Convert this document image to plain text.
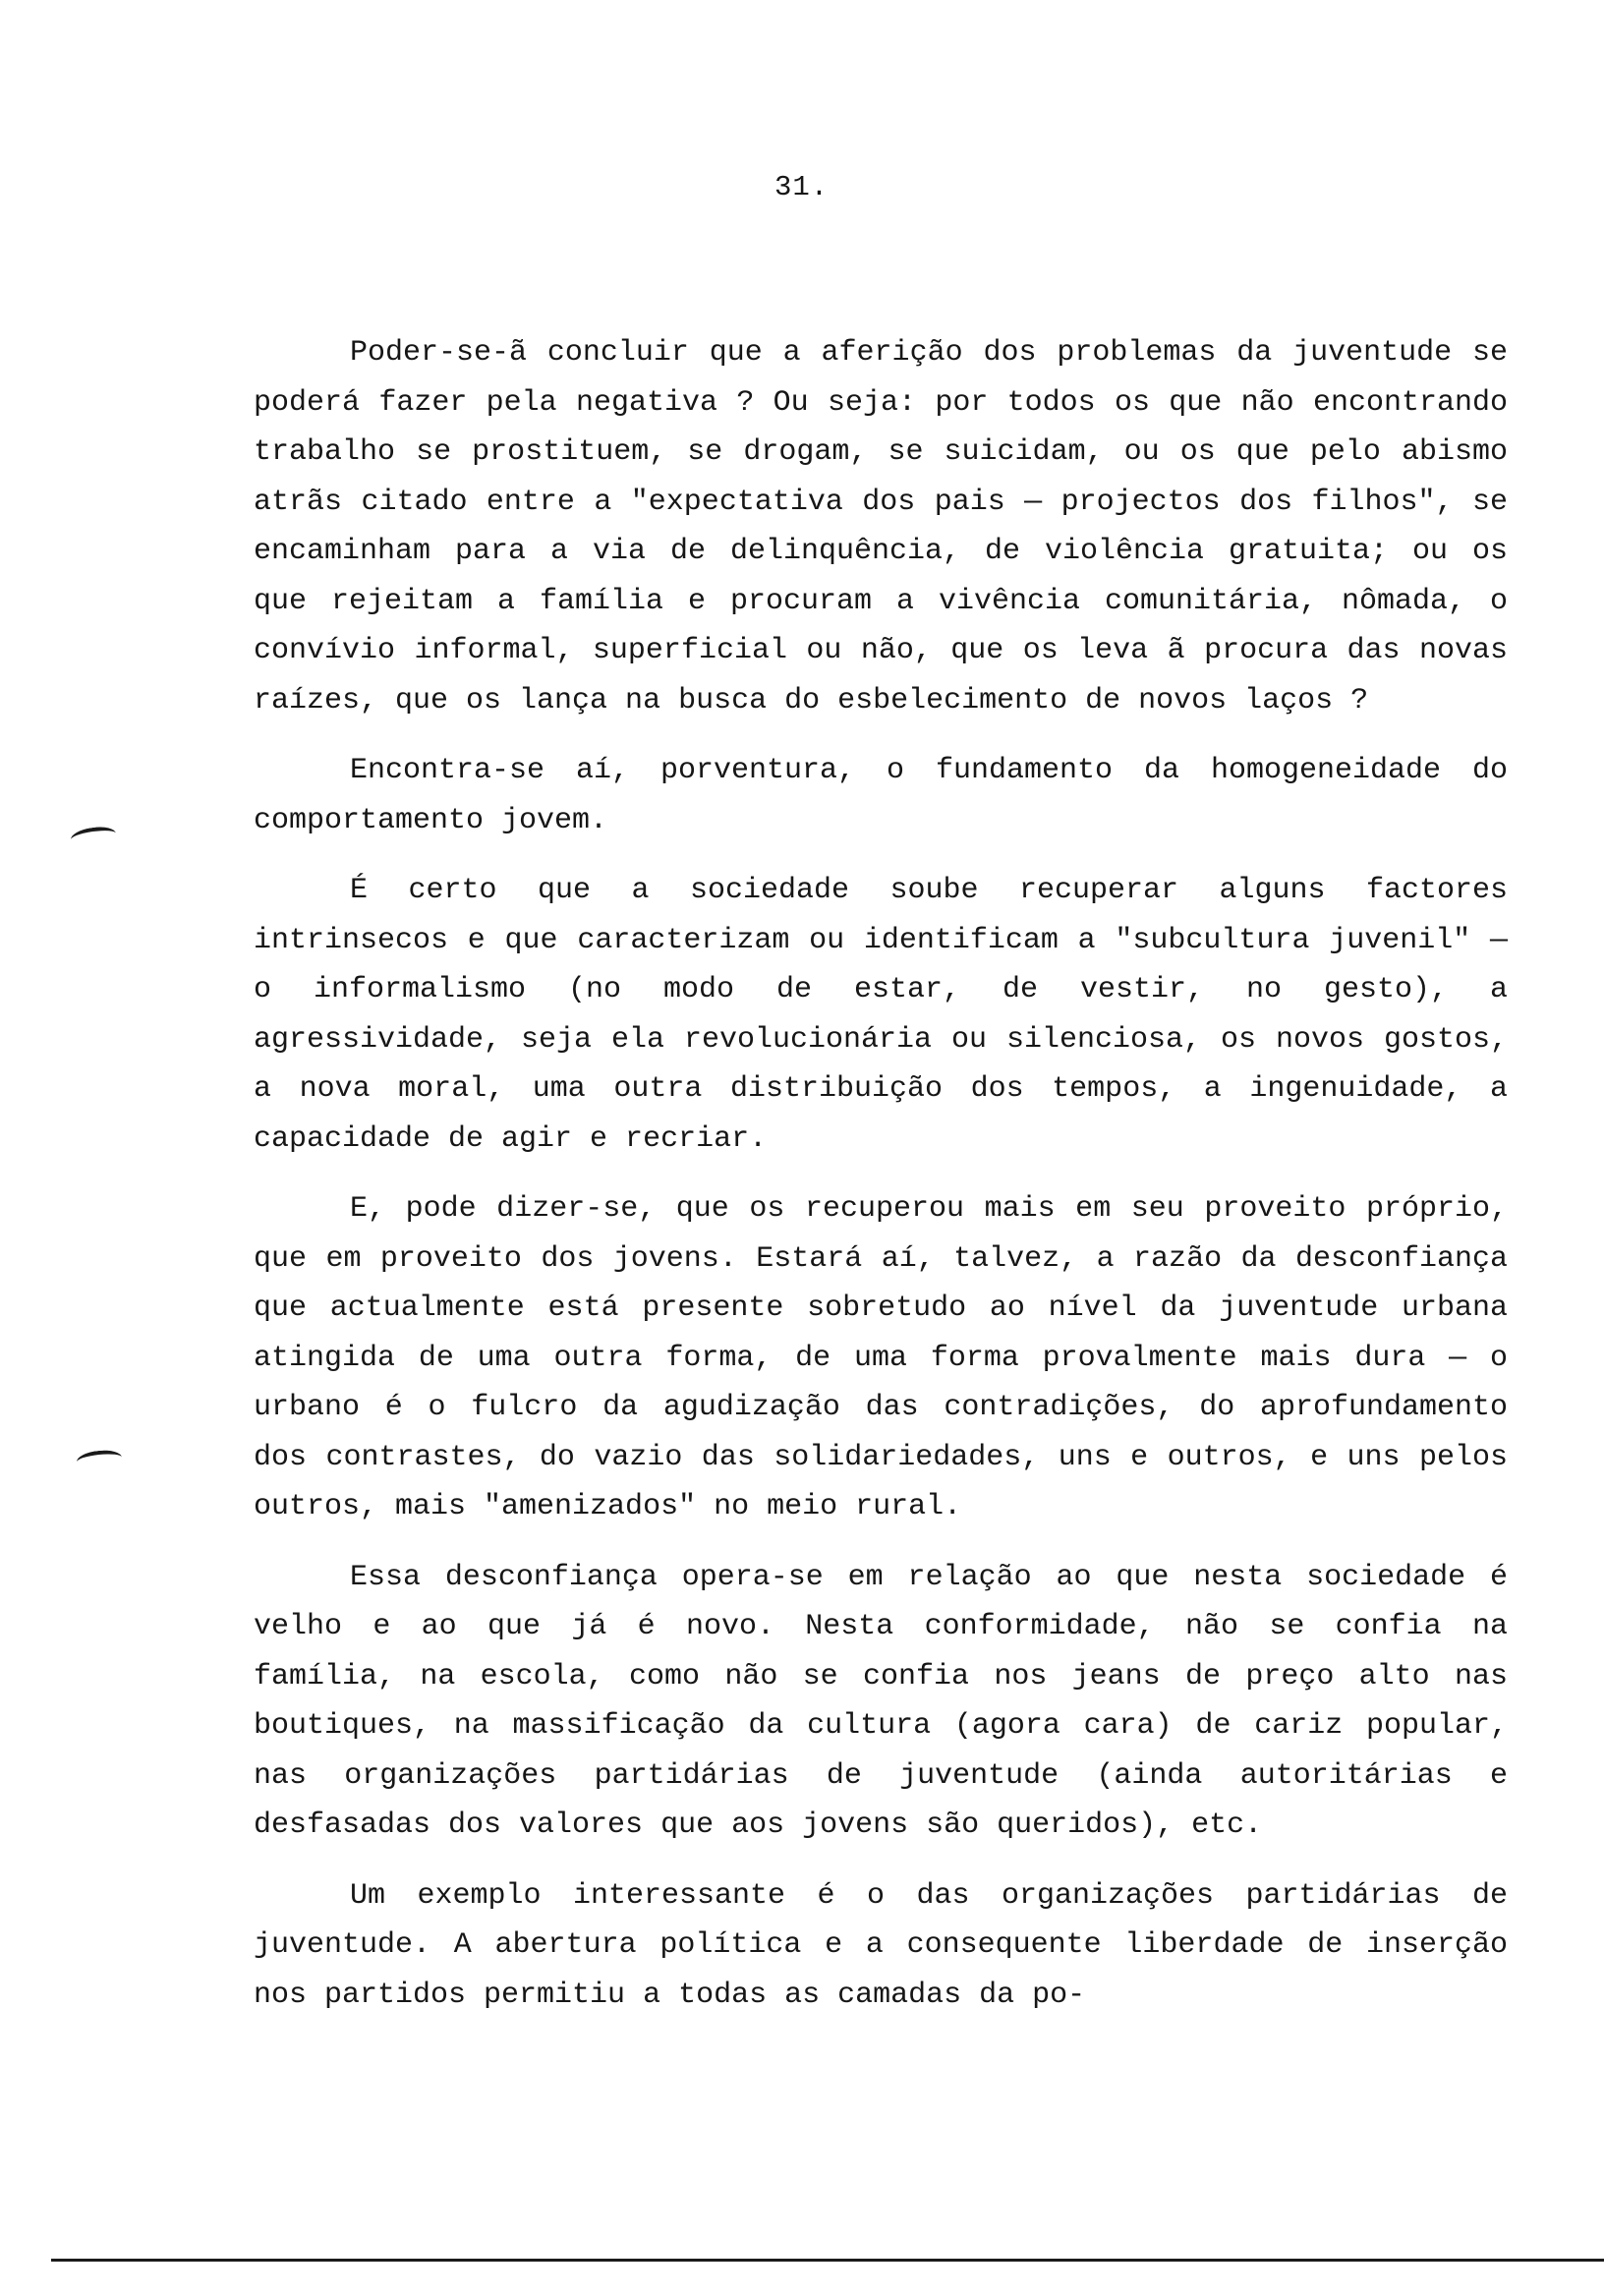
31.

Poder-se-ã concluir que a aferição dos problemas da juventude se poderá fazer pela negativa ? Ou seja: por todos os que não encontrando trabalho se prostituem, se drogam, se suicidam, ou os que pelo abismo atrãs citado entre a "expectativa dos pais — projectos dos filhos", se encaminham para a via de delinquência, de violência gratuita; ou os que rejeitam a família e procuram a vivência comunitária, nômada, o convívio informal, superficial ou não, que os leva ã procura das novas raízes, que os lança na busca do esbelecimento de novos laços ?

Encontra-se aí, porventura, o fundamento da homogeneidade do comportamento jovem.

É certo que a sociedade soube recuperar alguns factores intrinsecos e que caracterizam ou identificam a "subcultura juvenil" — o informalismo (no modo de estar, de vestir, no gesto), a agressividade, seja ela revolucionária ou silenciosa, os novos gostos, a nova moral, uma outra distribuição dos tempos, a ingenuidade, a capacidade de agir e recriar.

E, pode dizer-se, que os recuperou mais em seu proveito próprio, que em proveito dos jovens. Estará aí, talvez, a razão da desconfiança que actualmente está presente sobretudo ao nível da juventude urbana atingida de uma outra forma, de uma forma provalmente mais dura — o urbano é o fulcro da agudização das contradições, do aprofundamento dos contrastes, do vazio das solidariedades, uns e outros, e uns pelos outros, mais "amenizados" no meio rural.

Essa desconfiança opera-se em relação ao que nesta sociedade é velho e ao que já é novo. Nesta conformidade, não se confia na família, na escola, como não se confia nos jeans de preço alto nas boutiques, na massificação da cultura (agora cara) de cariz popular, nas organizações partidárias de juventude (ainda autoritárias e desfasadas dos valores que aos jovens são queridos), etc.

Um exemplo interessante é o das organizações partidárias de juventude. A abertura política e a consequente liberdade de inserção nos partidos permitiu a todas as camadas da po-
